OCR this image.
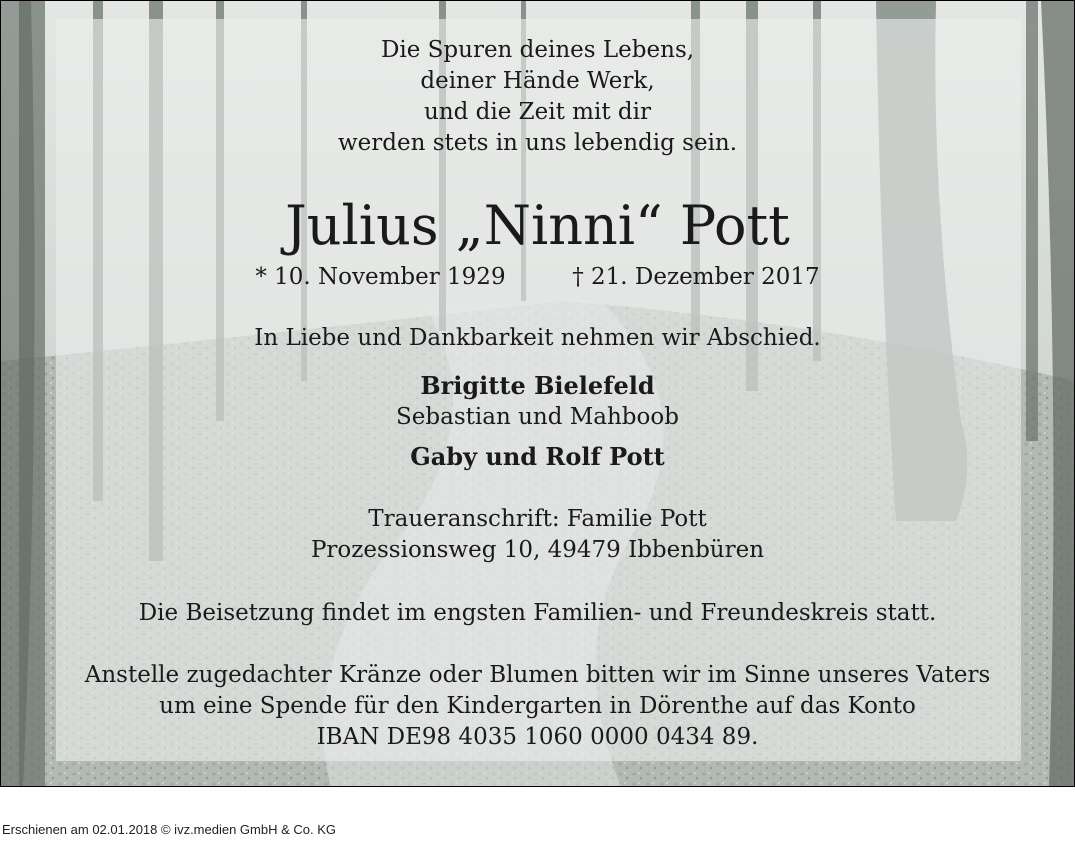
Die Spuren deines Lebens,
deiner Hände Werk,
und die Zeit mit dir
werden stets in uns lebendig sein.
Julius „Ninni“ Pott
* 10. November 1929	† 21. Dezember 2017
In Liebe und Dankbarkeit nehmen wir Abschied.
Brigitte Bielefeld
Sebastian und Mahboob
Gaby und Rolf Pott
Traueranschrift: Familie Pott
Prozessionsweg 10, 49479 Ibbenbüren
Die Beisetzung findet im engsten Familien- und Freundeskreis statt.
Anstelle zugedachter Kränze oder Blumen bitten wir im Sinne unseres Vaters
um eine Spende für den Kindergarten in Dörenthe auf das Konto
IBAN DE98 4035 1060 0000 0434 89.
Erschienen am 02.01.2018 © ivz.medien GmbH & Co. KG
